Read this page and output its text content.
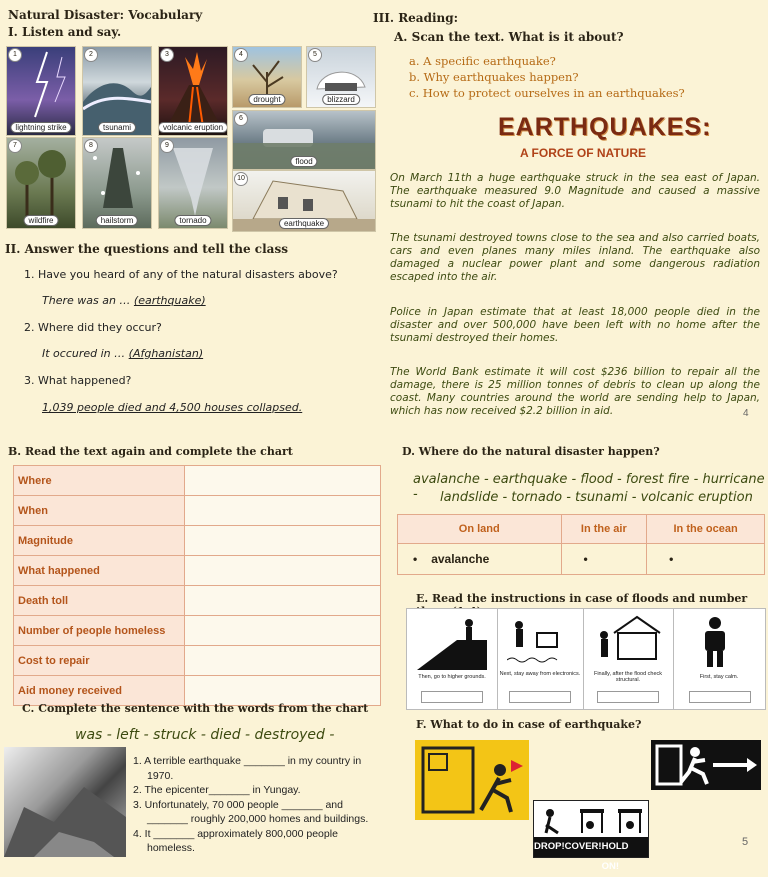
Natural Disaster: Vocabulary
I. Listen and say.
III. Reading:
lightning strike	tsunami	volcanic eruption
drought	blizzard
flood
wildfire	hailstorm	tornado	earthquake
1	2	3	4	5
6
7	8	9
10
II. Answer the questions and tell the class
1. Have you heard of any of the natural disasters above?
There was an … (earthquake)
2. Where did they occur?
It occured in … (Afghanistan)
3. What happened?
1,039 people died and 4,500 houses collapsed.
A. Scan the text. What is it about?
a. A specific earthquake?
b. Why earthquakes happen?
c. How to protect ourselves in an earthquakes?
EARTHQUAKES:
A FORCE OF NATURE
On March 11th a huge earthquake struck in the sea east of Japan. The earthquake measured 9.0 Magnitude and caused a massive tsunami to hit the coast of Japan.
The tsunami destroyed towns close to the sea and also carried boats, cars and even planes many miles inland. The earthquake also damaged a nuclear power plant and some dangerous radiation escaped into the air.
Police in Japan estimate that at least 18,000 people died in the disaster and over 500,000 have been left with no home after the tsunami destroyed their homes.
The World Bank estimate it will cost $236 billion to repair all the damage, there is 25 million tonnes of debris to clean up along the coast. Many countries around the world are sending help to Japan, which has now received $2.2 billion in aid.	4
B. Read the text again and complete the chart
Where	
When	
Magnitude	
What happened	
Death toll	
Number of people homeless	
Cost to repair	
Aid money received	
C. Complete the sentence with the words from the chart
was - left - struck - died - destroyed -
1. A terrible earthquake _______ in my country in
1970.
2. The epicenter_______ in Yungay.
3. Unfortunately, 70 000 people _______ and
_______ roughly 200,000 homes and buildings.
4. It _______ approximately 800,000 people
homeless.
D. Where do the natural disaster happen?
avalanche - earthquake - flood - forest fire - hurricane -	landslide - tornado - tsunami - volcanic eruption
On land	In the air	In the ocean
• avalanche	•	•
E. Read the instructions in case of floods and number
Then, go to higher grounds.	Next, stay away from electronics.	Finally, after the flood check structural.	First, stay calm.
F. What to do in case of earthquake?
DROP! COVER! HOLD ON!
5
